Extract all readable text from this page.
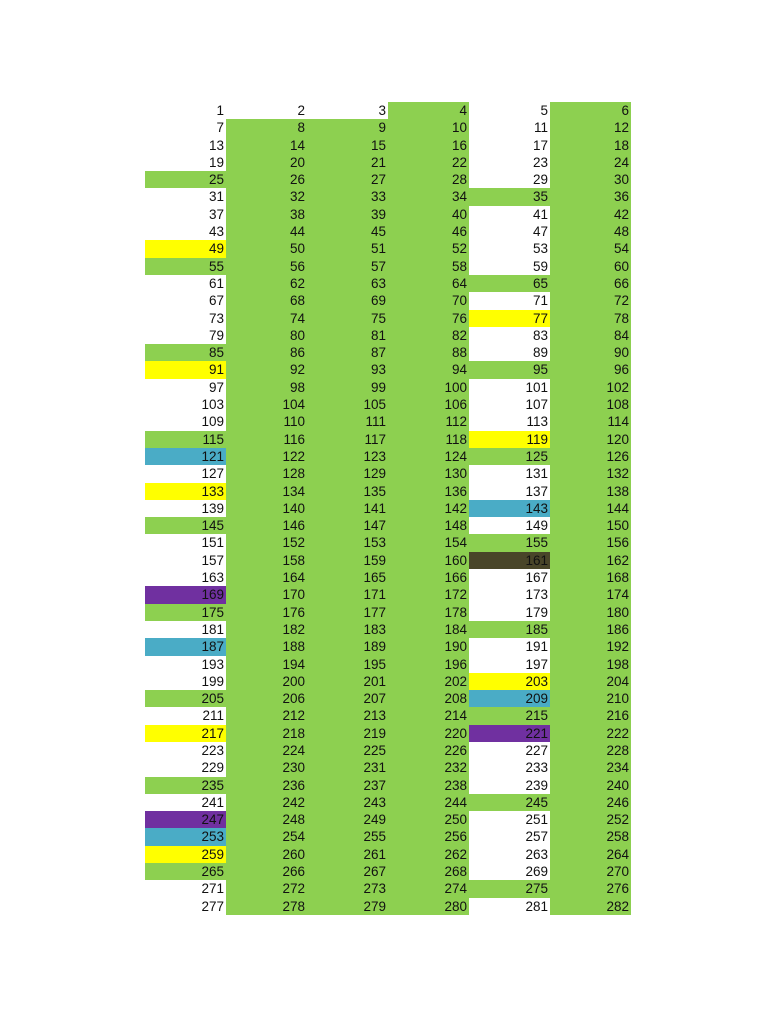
1	2	3	4	5	6
7	8	9	10	11	12
13	14	15	16	17	18
19	20	21	22	23	24
25	26	27	28	29	30
31	32	33	34	35	36
37	38	39	40	41	42
43	44	45	46	47	48
49	50	51	52	53	54
55	56	57	58	59	60
61	62	63	64	65	66
67	68	69	70	71	72
73	74	75	76	77	78
79	80	81	82	83	84
85	86	87	88	89	90
91	92	93	94	95	96
97	98	99	100	101	102
103	104	105	106	107	108
109	110	111	112	113	114
115	116	117	118	119	120
121	122	123	124	125	126
127	128	129	130	131	132
133	134	135	136	137	138
139	140	141	142	143	144
145	146	147	148	149	150
151	152	153	154	155	156
157	158	159	160	161	162
163	164	165	166	167	168
169	170	171	172	173	174
175	176	177	178	179	180
181	182	183	184	185	186
187	188	189	190	191	192
193	194	195	196	197	198
199	200	201	202	203	204
205	206	207	208	209	210
211	212	213	214	215	216
217	218	219	220	221	222
223	224	225	226	227	228
229	230	231	232	233	234
235	236	237	238	239	240
241	242	243	244	245	246
247	248	249	250	251	252
253	254	255	256	257	258
259	260	261	262	263	264
265	266	267	268	269	270
271	272	273	274	275	276
277	278	279	280	281	282
